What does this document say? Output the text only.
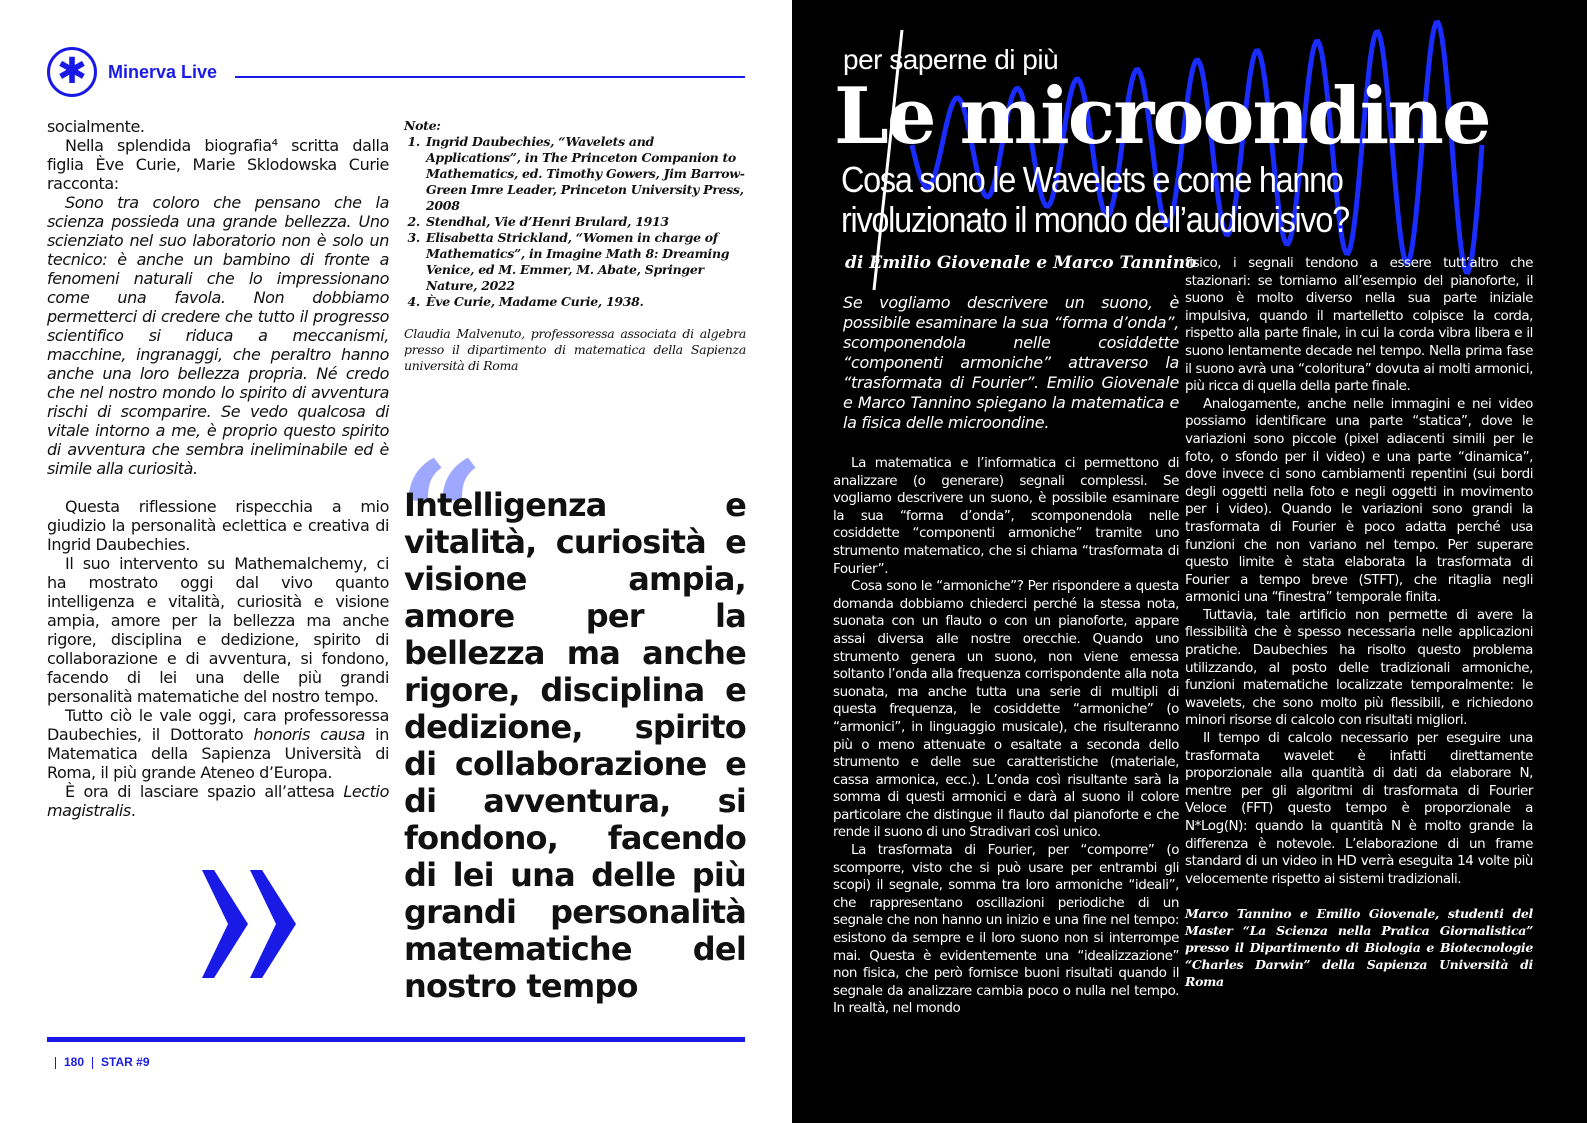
✱	Minerva Live

socialmente.

Nella splendida biografia⁴ scritta dalla figlia Ève Curie, Marie Sklodowska Curie racconta:

Sono tra coloro che pensano che la scienza possieda una grande bellezza. Uno scienziato nel suo laboratorio non è solo un tecnico: è anche un bambino di fronte a fenomeni naturali che lo impressionano come una favola. Non dobbiamo permetterci di credere che tutto il progresso scientifico si riduca a meccanismi, macchine, ingranaggi, che peraltro hanno anche una loro bellezza propria. Né credo che nel nostro mondo lo spirito di avventura rischi di scomparire. Se vedo qualcosa di vitale intorno a me, è proprio questo spirito di avventura che sembra ineliminabile ed è simile alla curiosità.

Questa riflessione rispecchia a mio giudizio la personalità eclettica e creativa di Ingrid Daubechies.

Il suo intervento su Mathemalchemy, ci ha mostrato oggi dal vivo quanto intelligenza e vitalità, curiosità e visione ampia, amore per la bellezza ma anche rigore, disciplina e dedizione, spirito di collaborazione e di avventura, si fondono, facendo di lei una delle più grandi personalità matematiche del nostro tempo.

Tutto ciò le vale oggi, cara professoressa Daubechies, il Dottorato honoris causa in Matematica della Sapienza Università di Roma, il più grande Ateneo d’Europa.

È ora di lasciare spazio all’attesa Lectio magistralis.

Note:

1. Ingrid Daubechies, “Wavelets and Applications”, in The Princeton Companion to Mathematics, ed. Timothy Gowers, Jim Barrow-Green Imre Leader, Princeton University Press, 2008
2. Stendhal, Vie d’Henri Brulard, 1913
3. Elisabetta Strickland, “Women in charge of Mathematics”, in Imagine Math 8: Dreaming Venice, ed M. Emmer, M. Abate, Springer Nature, 2022
4. Ève Curie, Madame Curie, 1938.

Claudia Malvenuto, professoressa associata di algebra presso il dipartimento di matematica della Sapienza università di Roma

“
Intelligenza e vitalità, curiosità e visione ampia, amore per la bellezza ma anche rigore, disciplina e dedizione, spirito di collaborazione e di avventura, si fondono, facendo di lei una delle più grandi personalità matematiche del nostro tempo
180 STAR #9
per saperne di più
Le microondine
Cosa sono le Wavelets e come hanno rivoluzionato il mondo dell’audiovisivo?
di Emilio Giovenale e Marco Tannino
Se vogliamo descrivere un suono, è possibile esaminare la sua “forma d’onda”, scomponendola nelle cosiddette “componenti armoniche” attraverso la “trasformata di Fourier”. Emilio Giovenale e Marco Tannino spiegano la matematica e la fisica delle microondine.

La matematica e l’informatica ci permettono di analizzare (o generare) segnali complessi. Se vogliamo descrivere un suono, è possibile esaminare la sua “forma d’onda”, scomponendola nelle cosiddette “componenti armoniche” tramite uno strumento matematico, che si chiama “trasformata di Fourier”.

Cosa sono le “armoniche”? Per rispondere a questa domanda dobbiamo chiederci perché la stessa nota, suonata con un flauto o con un pianoforte, appare assai diversa alle nostre orecchie. Quando uno strumento genera un suono, non viene emessa soltanto l’onda alla frequenza corrispondente alla nota suonata, ma anche tutta una serie di multipli di questa frequenza, le cosiddette “armoniche” (o “armonici”, in linguaggio musicale), che risulteranno più o meno attenuate o esaltate a seconda dello strumento e delle sue caratteristiche (materiale, cassa armonica, ecc.). L’onda così risultante sarà la somma di questi armonici e darà al suono il colore particolare che distingue il flauto dal pianoforte e che rende il suono di uno Stradivari così unico.

La trasformata di Fourier, per “comporre” (o scomporre, visto che si può usare per entrambi gli scopi) il segnale, somma tra loro armoniche “ideali”, che rappresentano oscillazioni periodiche di un segnale che non hanno un inizio e una fine nel tempo: esistono da sempre e il loro suono non si interrompe mai. Questa è evidentemente una “idealizzazione” non fisica, che però fornisce buoni risultati quando il segnale da analizzare cambia poco o nulla nel tempo. In realtà, nel mondo

fisico, i segnali tendono a essere tutt’altro che stazionari: se torniamo all’esempio del pianoforte, il suono è molto diverso nella sua parte iniziale impulsiva, quando il martelletto colpisce la corda, rispetto alla parte finale, in cui la corda vibra libera e il suono lentamente decade nel tempo. Nella prima fase il suono avrà una “coloritura” dovuta ai molti armonici, più ricca di quella della parte finale.

Analogamente, anche nelle immagini e nei video possiamo identificare una parte “statica”, dove le variazioni sono piccole (pixel adiacenti simili per le foto, o sfondo per il video) e una parte “dinamica”, dove invece ci sono cambiamenti repentini (sui bordi degli oggetti nella foto e negli oggetti in movimento per i video). Quando le variazioni sono grandi la trasformata di Fourier è poco adatta perché usa funzioni che non variano nel tempo. Per superare questo limite è stata elaborata la trasformata di Fourier a tempo breve (STFT), che ritaglia negli armonici una “finestra” temporale finita.

Tuttavia, tale artificio non permette di avere la flessibilità che è spesso necessaria nelle applicazioni pratiche. Daubechies ha risolto questo problema utilizzando, al posto delle tradizionali armoniche, funzioni matematiche localizzate temporalmente: le wavelets, che sono molto più flessibili, e richiedono minori risorse di calcolo con risultati migliori.

Il tempo di calcolo necessario per eseguire una trasformata wavelet è infatti direttamente proporzionale alla quantità di dati da elaborare N, mentre per gli algoritmi di trasformata di Fourier Veloce (FFT) questo tempo è proporzionale a N*Log(N): quando la quantità N è molto grande la differenza è notevole. L’elaborazione di un frame standard di un video in HD verrà eseguita 14 volte più velocemente rispetto ai sistemi tradizionali.

Marco Tannino e Emilio Giovenale, studenti del Master “La Scienza nella Pratica Giornalistica” presso il Dipartimento di Biologia e Biotecnologie “Charles Darwin” della Sapienza Università di Roma
